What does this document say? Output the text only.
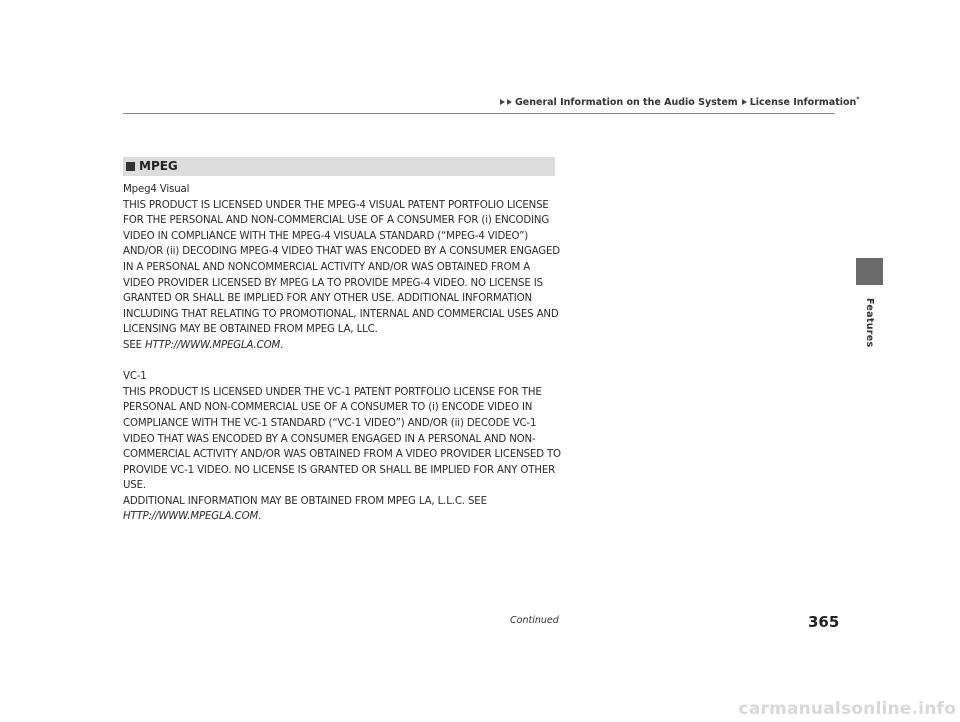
General Information on the Audio System License Information*
Features
MPEG

Mpeg4 Visual

THIS PRODUCT IS LICENSED UNDER THE MPEG-4 VISUAL PATENT PORTFOLIO LICENSE FOR THE PERSONAL AND NON-COMMERCIAL USE OF A CONSUMER FOR (i) ENCODING VIDEO IN COMPLIANCE WITH THE MPEG-4 VISUALA STANDARD (“MPEG-4 VIDEO”) AND/OR (ii) DECODING MPEG-4 VIDEO THAT WAS ENCODED BY A CONSUMER ENGAGED IN A PERSONAL AND NONCOMMERCIAL ACTIVITY AND/OR WAS OBTAINED FROM A VIDEO PROVIDER LICENSED BY MPEG LA TO PROVIDE MPEG-4 VIDEO. NO LICENSE IS GRANTED OR SHALL BE IMPLIED FOR ANY OTHER USE. ADDITIONAL INFORMATION INCLUDING THAT RELATING TO PROMOTIONAL, INTERNAL AND COMMERCIAL USES AND LICENSING MAY BE OBTAINED FROM MPEG LA, LLC.

SEE HTTP://WWW.MPEGLA.COM.

VC-1

THIS PRODUCT IS LICENSED UNDER THE VC-1 PATENT PORTFOLIO LICENSE FOR THE PERSONAL AND NON-COMMERCIAL USE OF A CONSUMER TO (i) ENCODE VIDEO IN COMPLIANCE WITH THE VC-1 STANDARD (“VC-1 VIDEO”) AND/OR (ii) DECODE VC-1 VIDEO THAT WAS ENCODED BY A CONSUMER ENGAGED IN A PERSONAL AND NON-COMMERCIAL ACTIVITY AND/OR WAS OBTAINED FROM A VIDEO PROVIDER LICENSED TO PROVIDE VC-1 VIDEO. NO LICENSE IS GRANTED OR SHALL BE IMPLIED FOR ANY OTHER USE.

ADDITIONAL INFORMATION MAY BE OBTAINED FROM MPEG LA, L.L.C. SEE HTTP://WWW.MPEGLA.COM.

Continued	365
carmanualsonline.info
